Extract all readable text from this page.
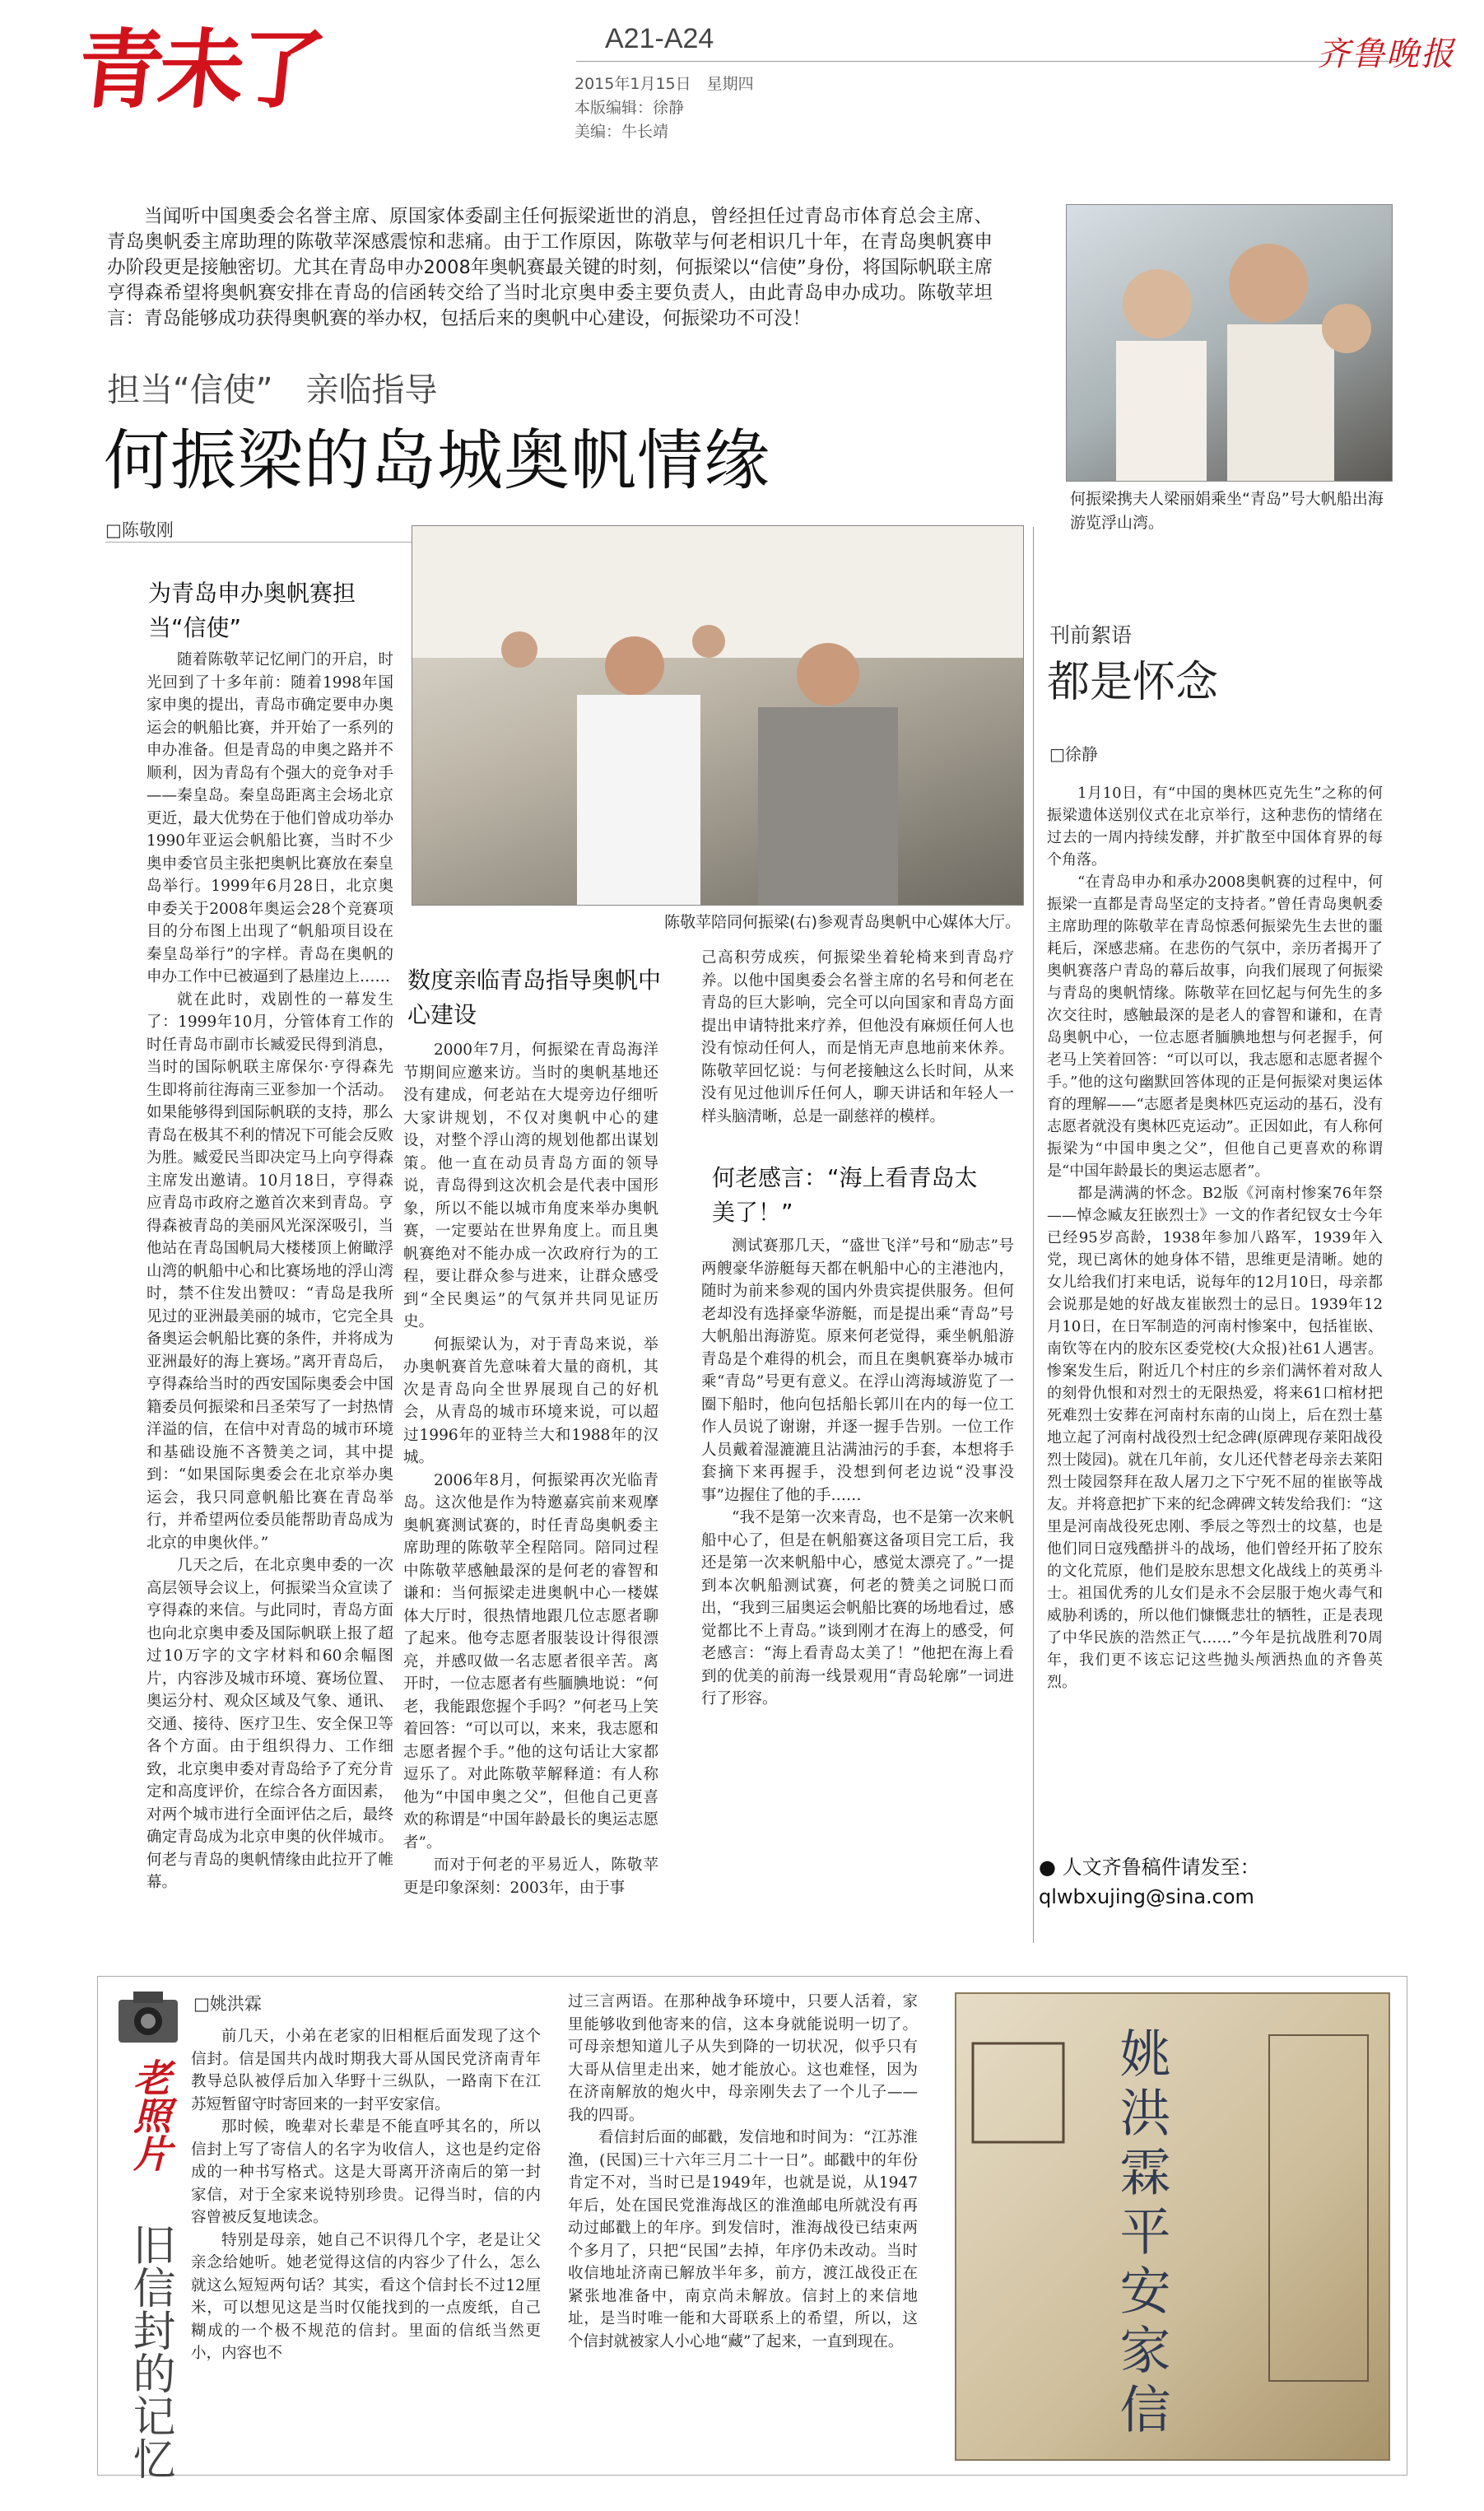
青未了	A21-A24
2015年1月15日　星期四
本版编辑：徐静
美编：牛长靖
齐鲁晚报
当闻听中国奥委会名誉主席、原国家体委副主任何振梁逝世的消息，曾经担任过青岛市体育总会主席、青岛奥帆委主席助理的陈敬苹深感震惊和悲痛。由于工作原因，陈敬苹与何老相识几十年，在青岛奥帆赛申办阶段更是接触密切。尤其在青岛申办2008年奥帆赛最关键的时刻，何振梁以“信使”身份，将国际帆联主席亨得森希望将奥帆赛安排在青岛的信函转交给了当时北京奥申委主要负责人，由此青岛申办成功。陈敬苹坦言：青岛能够成功获得奥帆赛的举办权，包括后来的奥帆中心建设，何振梁功不可没！
担当“信使”　亲临指导
何振梁的岛城奥帆情缘
□陈敬刚
何振梁携夫人梁丽娟乘坐“青岛”号大帆船出海游览浮山湾。
为青岛申办奥帆赛担当“信使”

随着陈敬苹记忆闸门的开启，时光回到了十多年前：随着1998年国家申奥的提出，青岛市确定要申办奥运会的帆船比赛，并开始了一系列的申办准备。但是青岛的申奥之路并不顺利，因为青岛有个强大的竞争对手——秦皇岛。秦皇岛距离主会场北京更近，最大优势在于他们曾成功举办1990年亚运会帆船比赛，当时不少奥申委官员主张把奥帆比赛放在秦皇岛举行。1999年6月28日，北京奥申委关于2008年奥运会28个竞赛项目的分布图上出现了“帆船项目设在秦皇岛举行”的字样。青岛在奥帆的申办工作中已被逼到了悬崖边上……

就在此时，戏剧性的一幕发生了：1999年10月，分管体育工作的时任青岛市副市长臧爱民得到消息，当时的国际帆联主席保尔·亨得森先生即将前往海南三亚参加一个活动。如果能够得到国际帆联的支持，那么青岛在极其不利的情况下可能会反败为胜。臧爱民当即决定马上向亨得森主席发出邀请。10月18日，亨得森应青岛市政府之邀首次来到青岛。亨得森被青岛的美丽风光深深吸引，当他站在青岛国帆局大楼楼顶上俯瞰浮山湾的帆船中心和比赛场地的浮山湾时，禁不住发出赞叹：“青岛是我所见过的亚洲最美丽的城市，它完全具备奥运会帆船比赛的条件，并将成为亚洲最好的海上赛场。”离开青岛后，亨得森给当时的西安国际奥委会中国籍委员何振梁和吕圣荣写了一封热情洋溢的信，在信中对青岛的城市环境和基础设施不吝赞美之词，其中提到：“如果国际奥委会在北京举办奥运会，我只同意帆船比赛在青岛举行，并希望两位委员能帮助青岛成为北京的申奥伙伴。”

几天之后，在北京奥申委的一次高层领导会议上，何振梁当众宣读了亨得森的来信。与此同时，青岛方面也向北京奥申委及国际帆联上报了超过10万字的文字材料和60余幅图片，内容涉及城市环境、赛场位置、奥运分村、观众区域及气象、通讯、交通、接待、医疗卫生、安全保卫等各个方面。由于组织得力、工作细致，北京奥申委对青岛给予了充分肯定和高度评价，在综合各方面因素，对两个城市进行全面评估之后，最终确定青岛成为北京申奥的伙伴城市。何老与青岛的奥帆情缘由此拉开了帷幕。

陈敬苹陪同何振梁(右)参观青岛奥帆中心媒体大厅。
数度亲临青岛指导奥帆中心建设

2000年7月，何振梁在青岛海洋节期间应邀来访。当时的奥帆基地还没有建成，何老站在大堤旁边仔细听大家讲规划，不仅对奥帆中心的建设，对整个浮山湾的规划他都出谋划策。他一直在动员青岛方面的领导说，青岛得到这次机会是代表中国形象，所以不能以城市角度来举办奥帆赛，一定要站在世界角度上。而且奥帆赛绝对不能办成一次政府行为的工程，要让群众参与进来，让群众感受到“全民奥运”的气氛并共同见证历史。

何振梁认为，对于青岛来说，举办奥帆赛首先意味着大量的商机，其次是青岛向全世界展现自己的好机会，从青岛的城市环境来说，可以超过1996年的亚特兰大和1988年的汉城。

2006年8月，何振梁再次光临青岛。这次他是作为特邀嘉宾前来观摩奥帆赛测试赛的，时任青岛奥帆委主席助理的陈敬苹全程陪同。陪同过程中陈敬苹感触最深的是何老的睿智和谦和：当何振梁走进奥帆中心一楼媒体大厅时，很热情地跟几位志愿者聊了起来。他夸志愿者服装设计得很漂亮，并感叹做一名志愿者很辛苦。离开时，一位志愿者有些腼腆地说：“何老，我能跟您握个手吗？”何老马上笑着回答：“可以可以，来来，我志愿和志愿者握个手。”他的这句话让大家都逗乐了。对此陈敬苹解释道：有人称他为“中国申奥之父”，但他自己更喜欢的称谓是“中国年龄最长的奥运志愿者”。

而对于何老的平易近人，陈敬苹更是印象深刻：2003年，由于事

己高积劳成疾，何振梁坐着轮椅来到青岛疗养。以他中国奥委会名誉主席的名号和何老在青岛的巨大影响，完全可以向国家和青岛方面提出申请特批来疗养，但他没有麻烦任何人也没有惊动任何人，而是悄无声息地前来休养。陈敬苹回忆说：与何老接触这么长时间，从来没有见过他训斥任何人，聊天讲话和年轻人一样头脑清晰，总是一副慈祥的模样。

何老感言：“海上看青岛太美了！”

测试赛那几天，“盛世飞洋”号和“励志”号两艘豪华游艇每天都在帆船中心的主港池内，随时为前来参观的国内外贵宾提供服务。但何老却没有选择豪华游艇，而是提出乘“青岛”号大帆船出海游览。原来何老觉得，乘坐帆船游青岛是个难得的机会，而且在奥帆赛举办城市乘“青岛”号更有意义。在浮山湾海域游览了一圈下船时，他向包括船长郭川在内的每一位工作人员说了谢谢，并逐一握手告别。一位工作人员戴着湿漉漉且沾满油污的手套，本想将手套摘下来再握手，没想到何老边说“没事没事”边握住了他的手……

“我不是第一次来青岛，也不是第一次来帆船中心了，但是在帆船赛这备项目完工后，我还是第一次来帆船中心，感觉太漂亮了。”一提到本次帆船测试赛，何老的赞美之词脱口而出，“我到三届奥运会帆船比赛的场地看过，感觉都比不上青岛。”谈到刚才在海上的感受，何老感言：“海上看青岛太美了！”他把在海上看到的优美的前海一线景观用“青岛轮廓”一词进行了形容。

刊前絮语
都是怀念
□徐静

1月10日，有“中国的奥林匹克先生”之称的何振梁遗体送别仪式在北京举行，这种悲伤的情绪在过去的一周内持续发酵，并扩散至中国体育界的每个角落。

“在青岛申办和承办2008奥帆赛的过程中，何振梁一直都是青岛坚定的支持者。”曾任青岛奥帆委主席助理的陈敬苹在青岛惊悉何振梁先生去世的噩耗后，深感悲痛。在悲伤的气氛中，亲历者揭开了奥帆赛落户青岛的幕后故事，向我们展现了何振梁与青岛的奥帆情缘。陈敬苹在回忆起与何先生的多次交往时，感触最深的是老人的睿智和谦和，在青岛奥帆中心，一位志愿者腼腆地想与何老握手，何老马上笑着回答：“可以可以，我志愿和志愿者握个手。”他的这句幽默回答体现的正是何振梁对奥运体育的理解——“志愿者是奥林匹克运动的基石，没有志愿者就没有奥林匹克运动”。正因如此，有人称何振梁为“中国申奥之父”，但他自己更喜欢的称谓是“中国年龄最长的奥运志愿者”。

都是满满的怀念。B2版《河南村惨案76年祭——悼念臧友狂嵌烈士》一文的作者纪钗女士今年已经95岁高龄，1938年参加八路军，1939年入党，现已离休的她身体不错，思维更是清晰。她的女儿给我们打来电话，说每年的12月10日，母亲都会说那是她的好战友崔嵌烈士的忌日。1939年12月10日，在日军制造的河南村惨案中，包括崔嵌、南钦等在内的胶东区委党校(大众报)社61人遇害。惨案发生后，附近几个村庄的乡亲们满怀着对敌人的刻骨仇恨和对烈士的无限热爱，将来61口棺材把死难烈士安葬在河南村东南的山岗上，后在烈士墓地立起了河南村战役烈士纪念碑(原碑现存莱阳战役烈士陵园)。就在几年前，女儿还代替老母亲去莱阳烈士陵园祭拜在敌人屠刀之下宁死不屈的崔嵌等战友。并将意把扩下来的纪念碑碑文转发给我们：“这里是河南战役死忠刚、季辰之等烈士的坟墓，也是他们同日寇残酷拼斗的战场，他们曾经开拓了胶东的文化荒原，他们是胶东思想文化战线上的英勇斗士。祖国优秀的儿女们是永不会层服于炮火毒气和威胁利诱的，所以他们慷慨悲壮的牺牲，正是表现了中华民族的浩然正气……”今年是抗战胜利70周年，我们更不该忘记这些抛头颅洒热血的齐鲁英烈。

● 人文齐鲁稿件请发至：
qlwbxujing@sina.com
老照片
旧信封的记忆
□姚洪霖

前几天，小弟在老家的旧相框后面发现了这个信封。信是国共内战时期我大哥从国民党济南青年教导总队被俘后加入华野十三纵队，一路南下在江苏短暂留守时寄回来的一封平安家信。

那时候，晚辈对长辈是不能直呼其名的，所以信封上写了寄信人的名字为收信人，这也是约定俗成的一种书写格式。这是大哥离开济南后的第一封家信，对于全家来说特别珍贵。记得当时，信的内容曾被反复地读念。

特别是母亲，她自己不识得几个字，老是让父亲念给她听。她老觉得这信的内容少了什么，怎么就这么短短两句话？其实，看这个信封长不过12厘米，可以想见这是当时仅能找到的一点废纸，自己糊成的一个极不规范的信封。里面的信纸当然更小，内容也不

过三言两语。在那种战争环境中，只要人活着，家里能够收到他寄来的信，这本身就能说明一切了。可母亲想知道儿子从失到降的一切状况，似乎只有大哥从信里走出来，她才能放心。这也难怪，因为在济南解放的炮火中，母亲刚失去了一个儿子——我的四哥。

看信封后面的邮戳，发信地和时间为：“江苏淮渔，(民国)三十六年三月二十一日”。邮戳中的年份肯定不对，当时已是1949年，也就是说，从1947年后，处在国民党淮海战区的淮渔邮电所就没有再动过邮戳上的年序。到发信时，淮海战役已结束两个多月了，只把“民国”去掉，年序仍未改动。当时收信地址济南已解放半年多，前方，渡江战役正在紧张地准备中，南京尚未解放。信封上的来信地址，是当时唯一能和大哥联系上的希望，所以，这个信封就被家人小心地“藏”了起来，一直到现在。	姚洪霖平安家信
